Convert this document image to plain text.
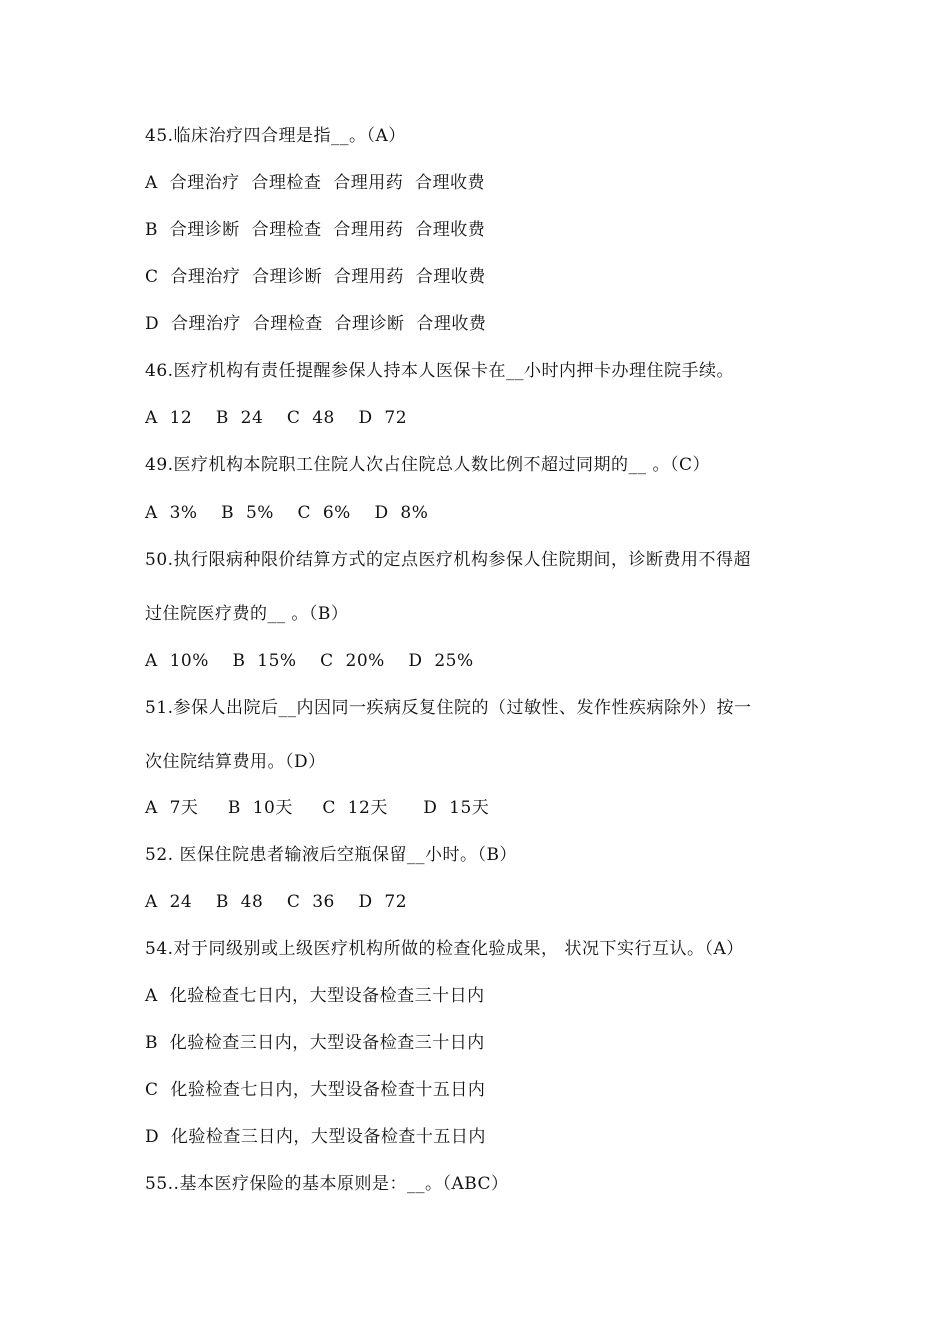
45.临床治疗四合理是指__。（A）
A  合理治疗  合理检查  合理用药  合理收费
B  合理诊断  合理检查  合理用药  合理收费
C  合理治疗  合理诊断  合理用药  合理收费
D  合理治疗  合理检查  合理诊断  合理收费
46.医疗机构有责任提醒参保人持本人医保卡在__小时内押卡办理住院手续。
A  12    B  24    C  48    D  72
49.医疗机构本院职工住院人次占住院总人数比例不超过同期的__ 。（C）
A  3%    B  5%    C  6%    D  8%
50.执行限病种限价结算方式的定点医疗机构参保人住院期间，诊断费用不得超
过住院医疗费的__ 。（B）
A  10%    B  15%    C  20%    D  25%
51.参保人出院后__内因同一疾病反复住院的（过敏性、发作性疾病除外）按一
次住院结算费用。（D）
A  7天     B  10天     C  12天      D  15天
52. 医保住院患者输液后空瓶保留__小时。（B）
A  24    B  48    C  36    D  72
54.对于同级别或上级医疗机构所做的检查化验成果， 状况下实行互认。（A）
A  化验检查七日内，大型设备检查三十日内
B  化验检查三日内，大型设备检查三十日内
C  化验检查七日内，大型设备检查十五日内
D  化验检查三日内，大型设备检查十五日内
55..基本医疗保险的基本原则是：__。（ABC）
